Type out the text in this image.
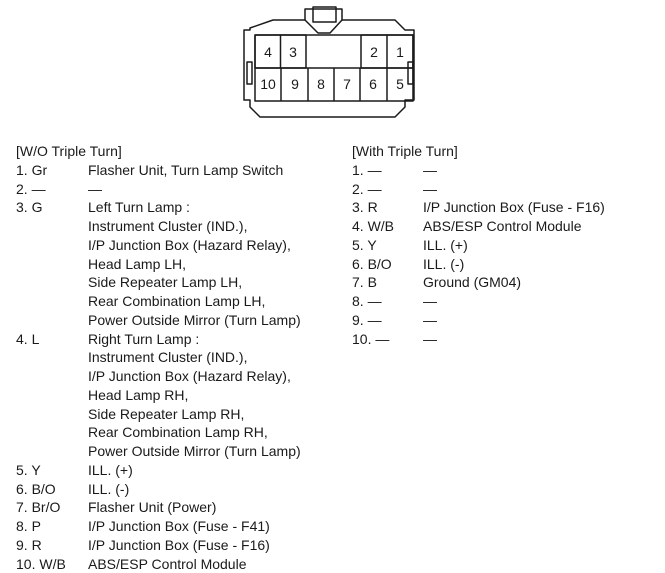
4 3	2 1
10 9 8 7 6 5
[W/O Triple Turn]
1. Gr	Flasher Unit, Turn Lamp Switch
2. —	—
3. G	Left Turn Lamp :
Instrument Cluster (IND.),
I/P Junction Box (Hazard Relay),
Head Lamp LH,
Side Repeater Lamp LH,
Rear Combination Lamp LH,
Power Outside Mirror (Turn Lamp)
4. L	Right Turn Lamp :
Instrument Cluster (IND.),
I/P Junction Box (Hazard Relay),
Head Lamp RH,
Side Repeater Lamp RH,
Rear Combination Lamp RH,
Power Outside Mirror (Turn Lamp)
5. Y	ILL. (+)
6. B/O	ILL. (-)
7. Br/O	Flasher Unit (Power)
8. P	I/P Junction Box (Fuse - F41)
9. R	I/P Junction Box (Fuse - F16)
10. W/B	ABS/ESP Control Module
[With Triple Turn]
1. —	—
2. —	—
3. R	I/P Junction Box (Fuse - F16)
4. W/B	ABS/ESP Control Module
5. Y	ILL. (+)
6. B/O	ILL. (-)
7. B	Ground (GM04)
8. —	—
9. —	—
10. —	—
